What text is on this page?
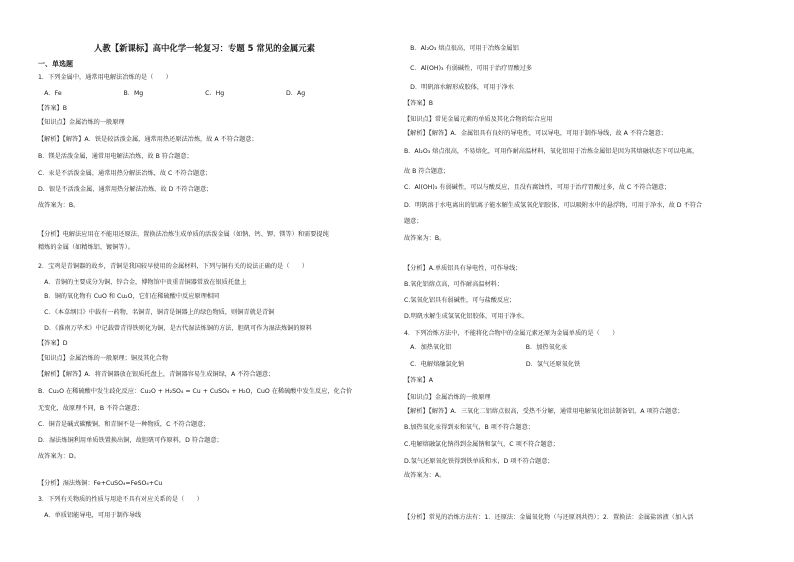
人教【新课标】高中化学一轮复习：专题 5 常见的金属元素
一、单选题
1．下列金属中，通常用电解法冶炼的是（　　）
　A．Fe　　　　　　　　　　B．Mg　　　　　　　　　　C．Hg　　　　　　　　　　D．Ag
【答案】B
【知识点】金属冶炼的一般原理
【解析】【解答】A．铁是较活泼金属，通常用热还原法冶炼，故 A 不符合题意；
B．镁是活泼金属，通常用电解法冶炼，故 B 符合题意；
C．汞是不活泼金属，通常用热分解法冶炼，故 C 不符合题意；
D．银是不活泼金属，通常用热分解法冶炼，故 D 不符合题意；
故答案为：B。
【分析】电解法应用在不能用还原法、置换法冶炼生成单质的活泼金属（如钠、钙、钾、镁等）和需要提纯
精炼的金属（如精炼铝、镀铜等）。
2．宝鸡是青铜器的故乡，青铜是我国较早使用的金属材料，下列与铜有关的说法正确的是（　　）
　A．青铜的主要成分为铜、锌合金，博物馆中贵重青铜器常放在银质托盘上
　B．铜的氧化物有 CuO 和 Cu₂O，它们在稀硫酸中反应原理相同
　C．《本草纲目》中载有一药物，名铜青，铜青是铜器上的绿色物质，则铜青就是青铜
　D．《淮南万毕术》中记载曾青得铁则化为铜，是古代湿法炼铜的方法，胆矾可作为湿法炼铜的原料
【答案】D
【知识点】金属冶炼的一般原理；铜及其化合物
【解析】【解答】A．将青铜器放在银质托盘上，青铜器容易生成铜绿，A 不符合题意；
B．Cu₂O 在稀硫酸中发生歧化反应：Cu₂O + H₂SO₄ = Cu + CuSO₄ + H₂O，CuO 在稀硫酸中发生反应，化合价
无变化，故原理不同，B 不符合题意；
C．铜青是碱式碳酸铜，和青铜不是一种物质，C 不符合题意；
D．湿法炼铜利用单质铁置换出铜，故胆矾可作原料，D 符合题意；
故答案为：D。
【分析】湿法炼铜：Fe+CuSO₄=FeSO₄+Cu
3．下列有关物质的性质与用途不具有对应关系的是（　　）
　A．单质铝能导电，可用于制作导线
　B．Al₂O₃ 熔点很高，可用于冶炼金属铝
　C．Al(OH)₃ 有弱碱性，可用于治疗胃酸过多
　D．明矾溶水解形成胶体，可用于净水
【答案】B
【知识点】常见金属元素的单质及其化合物的综合应用
【解析】【解答】A．金属铝具有良好的导电性，可以导电，可用于制作导线，故 A 不符合题意；
B．Al₂O₃ 熔点很高，不易熔化，可用作耐高温材料，氧化铝用于冶炼金属铝是因为其熔融状态下可以电离，
故 B 符合题意；
C．Al(OH)₃ 有弱碱性，可以与酸反应，且没有腐蚀性，可用于治疗胃酸过多，故 C 不符合题意；
D．明矾溶于水电离出的铝离子能水解生成氢氧化铝胶体，可以吸附水中的悬浮物，可用于净水，故 D 不符合
题意；
故答案为：B。
【分析】A.单质铝具有导电性，可作导线；
B.氧化铝熔点高，可作耐高温材料；
C.氢氧化铝具有弱碱性，可与盐酸反应；
D.明矾水解生成氢氧化铝胶体，可用于净水。
4．下列冶炼方法中，不能将化合物中的金属元素还原为金属单质的是（　　）
　A．加热氧化铝　　　　　　　　　　　　B．加热氧化汞
　C．电解熔融氯化钠　　　　　　　　　　D．氢气还原氧化铁
【答案】A
【知识点】金属冶炼的一般原理
【解析】【解答】A．三氧化二铝熔点很高，受热不分解，通常用电解氧化铝法制备铝，A 项符合题意；
B.加热氧化汞得到汞和氧气，B 项不符合题意；
C.电解熔融氯化钠得到金属钠和氯气，C 项不符合题意；
D.氢气还原氧化铁得到铁单质和水，D 项不符合题意；
故答案为：A。
【分析】常见的冶炼方法有：1．还原法：金属氧化物（与还原剂共热）；2．置换法：金属盐溶液（加入活
